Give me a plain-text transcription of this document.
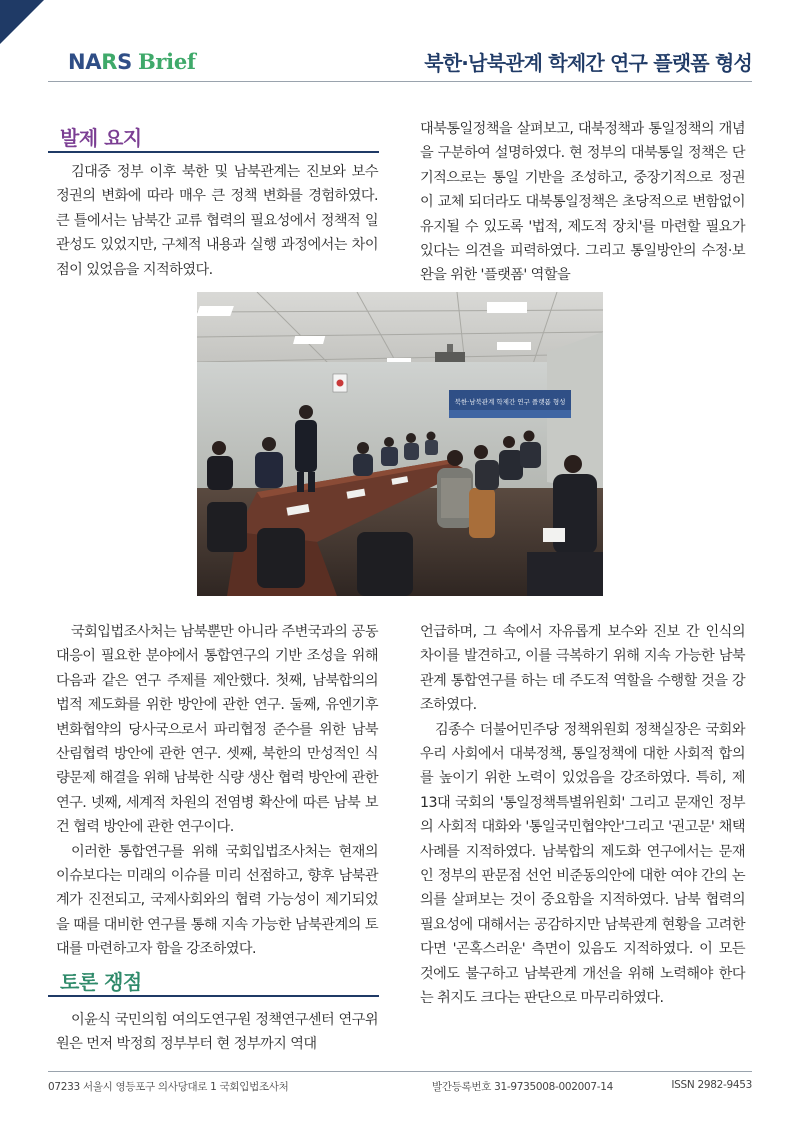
NARS Brief	북한·남북관계 학제간 연구 플랫폼 형성
발제 요지

김대중 정부 이후 북한 및 남북관계는 진보와 보수 정권의 변화에 따라 매우 큰 정책 변화를 경험하였다. 큰 틀에서는 남북간 교류 협력의 필요성에서 정책적 일관성도 있었지만, 구체적 내용과 실행 과정에서는 차이점이 있었음을 지적하였다.

대북통일정책을 살펴보고, 대북정책과 통일정책의 개념을 구분하여 설명하였다. 현 정부의 대북통일 정책은 단기적으로는 통일 기반을 조성하고, 중장기적으로 정권이 교체 되더라도 대북통일정책은 초당적으로 변함없이 유지될 수 있도록 '법적, 제도적 장치'를 마련할 필요가 있다는 의견을 피력하였다. 그리고 통일방안의 수정·보완을 위한 '플랫폼' 역할을

북한·남북관계 학제간 연구 플랫폼 형성

국회입법조사처는 남북뿐만 아니라 주변국과의 공동 대응이 필요한 분야에서 통합연구의 기반 조성을 위해 다음과 같은 연구 주제를 제안했다. 첫째, 남북합의의 법적 제도화를 위한 방안에 관한 연구. 둘째, 유엔기후 변화협약의 당사국으로서 파리협정 준수를 위한 남북 산림협력 방안에 관한 연구. 셋째, 북한의 만성적인 식량문제 해결을 위해 남북한 식량 생산 협력 방안에 관한 연구. 넷째, 세계적 차원의 전염병 확산에 따른 남북 보건 협력 방안에 관한 연구이다.

이러한 통합연구를 위해 국회입법조사처는 현재의 이슈보다는 미래의 이슈를 미리 선점하고, 향후 남북관계가 진전되고, 국제사회와의 협력 가능성이 제기되었을 때를 대비한 연구를 통해 지속 가능한 남북관계의 토대를 마련하고자 함을 강조하였다.

토론 쟁점

이윤식 국민의힘 여의도연구원 정책연구센터 연구위원은 먼저 박정희 정부부터 현 정부까지 역대

언급하며, 그 속에서 자유롭게 보수와 진보 간 인식의 차이를 발견하고, 이를 극복하기 위해 지속 가능한 남북관계 통합연구를 하는 데 주도적 역할을 수행할 것을 강조하였다.

김종수 더불어민주당 정책위원회 정책실장은 국회와 우리 사회에서 대북정책, 통일정책에 대한 사회적 합의를 높이기 위한 노력이 있었음을 강조하였다. 특히, 제13대 국회의 '통일정책특별위원회' 그리고 문재인 정부의 사회적 대화와 '통일국민협약안'그리고 '권고문' 채택 사례를 지적하였다. 남북합의 제도화 연구에서는 문재인 정부의 판문점 선언 비준동의안에 대한 여야 간의 논의를 살펴보는 것이 중요함을 지적하였다. 남북 협력의 필요성에 대해서는 공감하지만 남북관계 현황을 고려한다면 '곤혹스러운' 측면이 있음도 지적하였다. 이 모든 것에도 불구하고 남북관계 개선을 위해 노력해야 한다는 취지도 크다는 판단으로 마무리하였다.

07233 서울시 영등포구 의사당대로 1 국회입법조사처	발간등록번호 31-9735008-002007-14	ISSN 2982-9453
